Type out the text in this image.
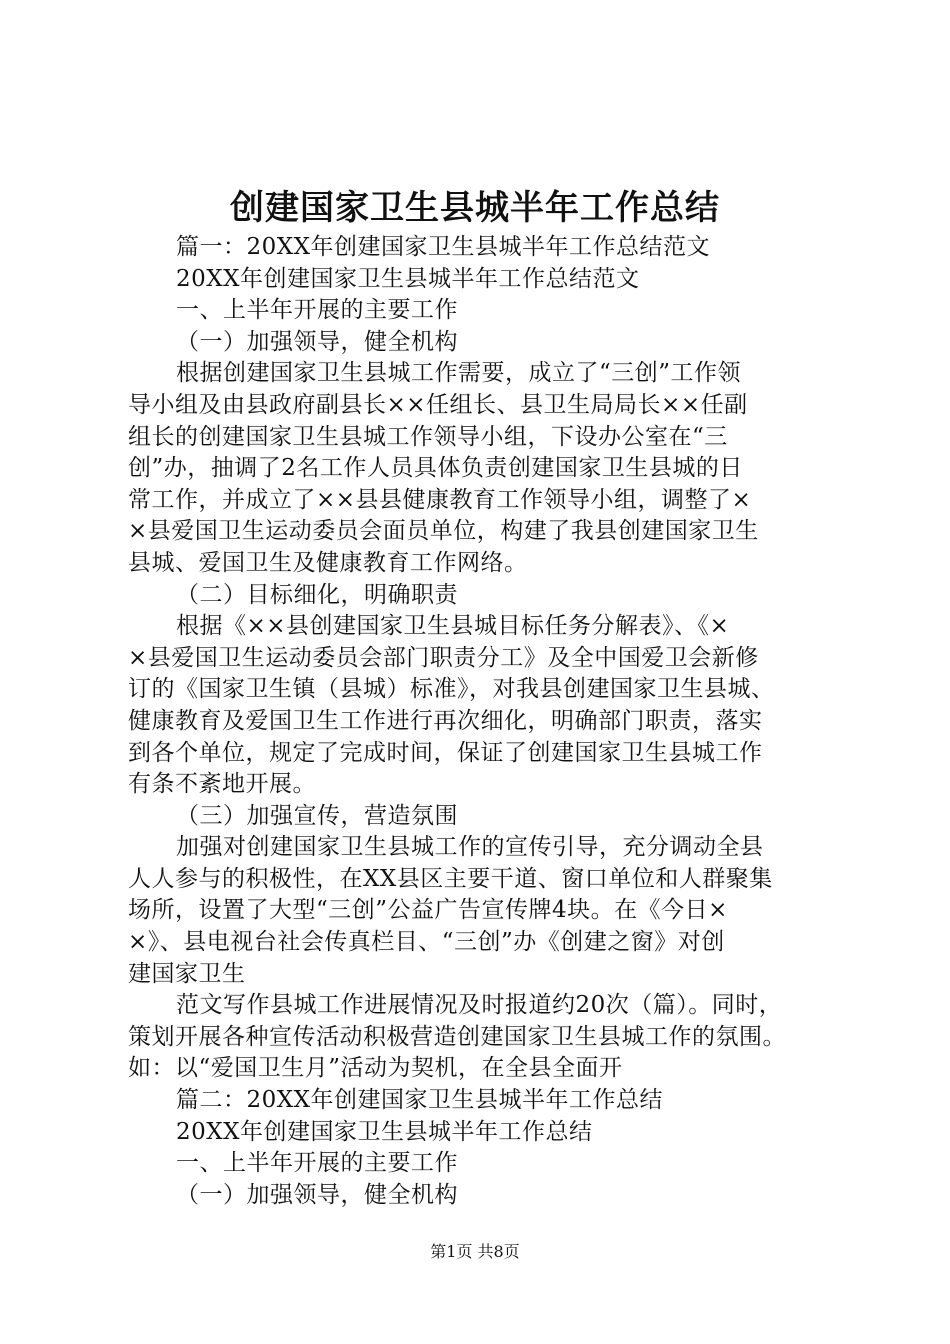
创建国家卫生县城半年工作总结

篇一：20XX年创建国家卫生县城半年工作总结范文

20XX年创建国家卫生县城半年工作总结范文

一、上半年开展的主要工作

（一）加强领导，健全机构

根据创建国家卫生县城工作需要，成立了“三创”工作领

导小组及由县政府副县长××任组长、县卫生局局长××任副

组长的创建国家卫生县城工作领导小组，下设办公室在“三

创”办，抽调了2名工作人员具体负责创建国家卫生县城的日

常工作，并成立了××县县健康教育工作领导小组，调整了×

×县爱国卫生运动委员会面员单位，构建了我县创建国家卫生

县城、爱国卫生及健康教育工作网络。

（二）目标细化，明确职责

根据《××县创建国家卫生县城目标任务分解表》、《×

×县爱国卫生运动委员会部门职责分工》及全中国爱卫会新修

订的《国家卫生镇（县城）标准》，对我县创建国家卫生县城、

健康教育及爱国卫生工作进行再次细化，明确部门职责，落实

到各个单位，规定了完成时间，保证了创建国家卫生县城工作

有条不紊地开展。

（三）加强宣传，营造氛围

加强对创建国家卫生县城工作的宣传引导，充分调动全县

人人参与的积极性，在XX县区主要干道、窗口单位和人群聚集

场所，设置了大型“三创”公益广告宣传牌4块。在《今日×

×》、县电视台社会传真栏目、“三创”办《创建之窗》对创

建国家卫生

范文写作县城工作进展情况及时报道约20次（篇）。同时，

策划开展各种宣传活动积极营造创建国家卫生县城工作的氛围。

如：以“爱国卫生月”活动为契机，在全县全面开

篇二：20XX年创建国家卫生县城半年工作总结

20XX年创建国家卫生县城半年工作总结

一、上半年开展的主要工作

（一）加强领导，健全机构

第1页 共8页
